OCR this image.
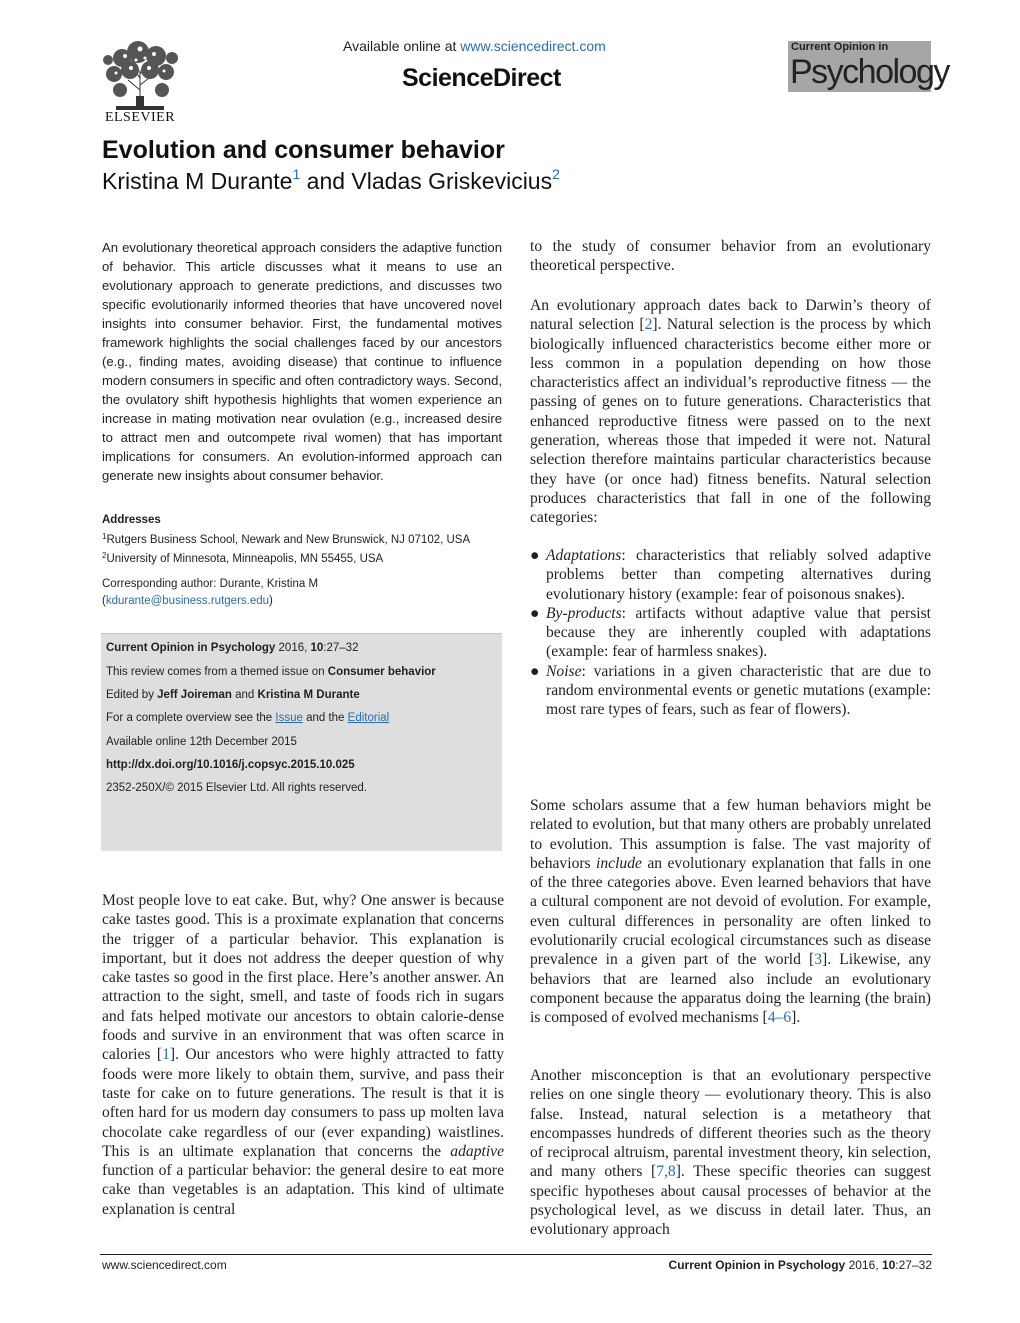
ELSEVIER
Available online at www.sciencedirect.com
ScienceDirect
Current Opinion in
Psychology
Evolution and consumer behavior
Kristina M Durante$^1$ and Vladas Griskevicius$^2$

An evolutionary theoretical approach considers the adaptive function of behavior. This article discusses what it means to use an evolutionary approach to generate predictions, and discusses two specific evolutionarily informed theories that have uncovered novel insights into consumer behavior. First, the fundamental motives framework highlights the social challenges faced by our ancestors (e.g., finding mates, avoiding disease) that continue to influence modern consumers in specific and often contradictory ways. Second, the ovulatory shift hypothesis highlights that women experience an increase in mating motivation near ovulation (e.g., increased desire to attract men and outcompete rival women) that has important implications for consumers. An evolution-informed approach can generate new insights about consumer behavior.

Addresses
$^1$Rutgers Business School, Newark and New Brunswick, NJ 07102, USA
$^2$University of Minnesota, Minneapolis, MN 55455, USA
Corresponding author: Durante, Kristina M
(kdurante@business.rutgers.edu)
Current Opinion in Psychology 2016, 10:27–32
This review comes from a themed issue on Consumer behavior
Edited by Jeff Joireman and Kristina M Durante
For a complete overview see the Issue and the Editorial
Available online 12th December 2015
http://dx.doi.org/10.1016/j.copsyc.2015.10.025
2352-250X/© 2015 Elsevier Ltd. All rights reserved.

Most people love to eat cake. But, why? One answer is because cake tastes good. This is a proximate explanation that concerns the trigger of a particular behavior. This explanation is important, but it does not address the deeper question of why cake tastes so good in the first place. Here’s another answer. An attraction to the sight, smell, and taste of foods rich in sugars and fats helped motivate our ancestors to obtain calorie-dense foods and survive in an environment that was often scarce in calories [1]. Our ancestors who were highly attracted to fatty foods were more likely to obtain them, survive, and pass their taste for cake on to future generations. The result is that it is often hard for us modern day consumers to pass up molten lava chocolate cake regardless of our (ever expanding) waistlines. This is an ultimate explanation that concerns the adaptive function of a particular behavior: the general desire to eat more cake than vegetables is an adaptation. This kind of ultimate explanation is central

to the study of consumer behavior from an evolutionary theoretical perspective.

An evolutionary approach dates back to Darwin’s theory of natural selection [2]. Natural selection is the process by which biologically influenced characteristics become either more or less common in a population depending on how those characteristics affect an individual’s reproductive fitness — the passing of genes on to future generations. Characteristics that enhanced reproductive fitness were passed on to the next generation, whereas those that impeded it were not. Natural selection therefore maintains particular characteristics because they have (or once had) fitness benefits. Natural selection produces characteristics that fall in one of the following categories:

● Adaptations: characteristics that reliably solved adaptive problems better than competing alternatives during evolutionary history (example: fear of poisonous snakes).
● By-products: artifacts without adaptive value that persist because they are inherently coupled with adaptations (example: fear of harmless snakes).
● Noise: variations in a given characteristic that are due to random environmental events or genetic mutations (example: most rare types of fears, such as fear of flowers).

Some scholars assume that a few human behaviors might be related to evolution, but that many others are probably unrelated to evolution. This assumption is false. The vast majority of behaviors include an evolutionary explanation that falls in one of the three categories above. Even learned behaviors that have a cultural component are not devoid of evolution. For example, even cultural differences in personality are often linked to evolutionarily crucial ecological circumstances such as disease prevalence in a given part of the world [3]. Likewise, any behaviors that are learned also include an evolutionary component because the apparatus doing the learning (the brain) is composed of evolved mechanisms [4–6].

Another misconception is that an evolutionary perspective relies on one single theory — evolutionary theory. This is also false. Instead, natural selection is a metatheory that encompasses hundreds of different theories such as the theory of reciprocal altruism, parental investment theory, kin selection, and many others [7,8]. These specific theories can suggest specific hypotheses about causal processes of behavior at the psychological level, as we discuss in detail later. Thus, an evolutionary approach

www.sciencedirect.com	Current Opinion in Psychology 2016, 10:27–32
